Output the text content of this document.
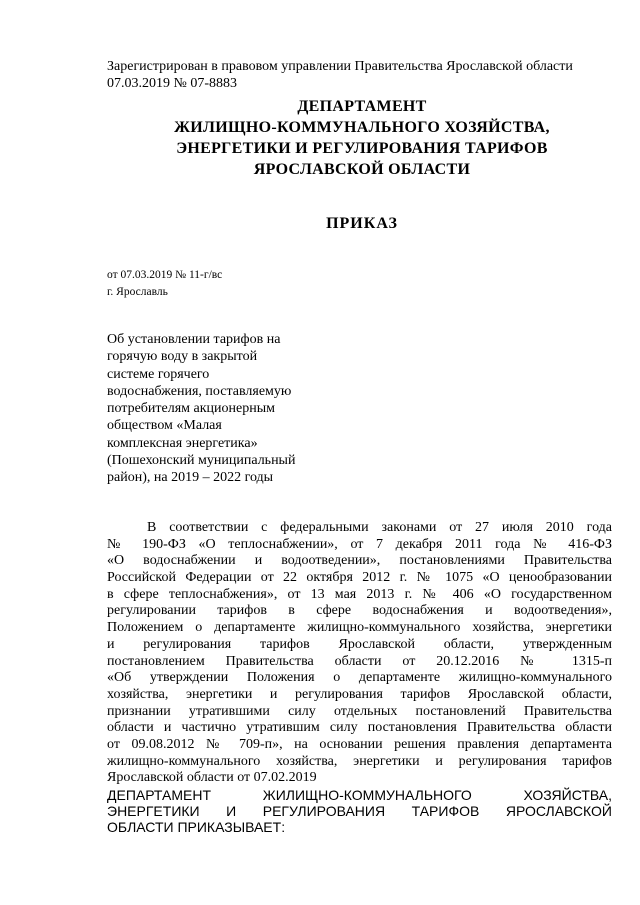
Зарегистрирован в правовом управлении Правительства Ярославской области
07.03.2019 № 07-8883
ДЕПАРТАМЕНТ
ЖИЛИЩНО-КОММУНАЛЬНОГО ХОЗЯЙСТВА,
ЭНЕРГЕТИКИ И РЕГУЛИРОВАНИЯ ТАРИФОВ
ЯРОСЛАВСКОЙ ОБЛАСТИ
ПРИКАЗ
от 07.03.2019 № 11-г/вс
г. Ярославль
Об установлении тарифов на
горячую воду в закрытой
системе горячего
водоснабжения, поставляемую
потребителям акционерным
обществом «Малая
комплексная энергетика»
(Пошехонский муниципальный
район), на 2019 – 2022 годы
В соответствии с федеральными законами от 27 июля 2010 года
№ 190-ФЗ «О теплоснабжении», от 7 декабря 2011 года № 416-ФЗ
«О водоснабжении и водоотведении», постановлениями Правительства
Российской Федерации от 22 октября 2012 г. № 1075 «О ценообразовании
в сфере теплоснабжения», от 13 мая 2013 г. № 406 «О государственном
регулировании тарифов в сфере водоснабжения и водоотведения»,
Положением о департаменте жилищно-коммунального хозяйства, энергетики
и регулирования тарифов Ярославской области, утвержденным
постановлением Правительства области от 20.12.2016 № 1315-п
«Об утверждении Положения о департаменте жилищно-коммунального
хозяйства, энергетики и регулирования тарифов Ярославской области,
признании утратившими силу отдельных постановлений Правительства
области и частично утратившим силу постановления Правительства области
от 09.08.2012 № 709-п», на основании решения правления департамента
жилищно-коммунального хозяйства, энергетики и регулирования тарифов
Ярославской области от 07.02.2019
ДЕПАРТАМЕНТ ЖИЛИЩНО-КОММУНАЛЬНОГО ХОЗЯЙСТВА,
ЭНЕРГЕТИКИ И РЕГУЛИРОВАНИЯ ТАРИФОВ ЯРОСЛАВСКОЙ
ОБЛАСТИ ПРИКАЗЫВАЕТ:
